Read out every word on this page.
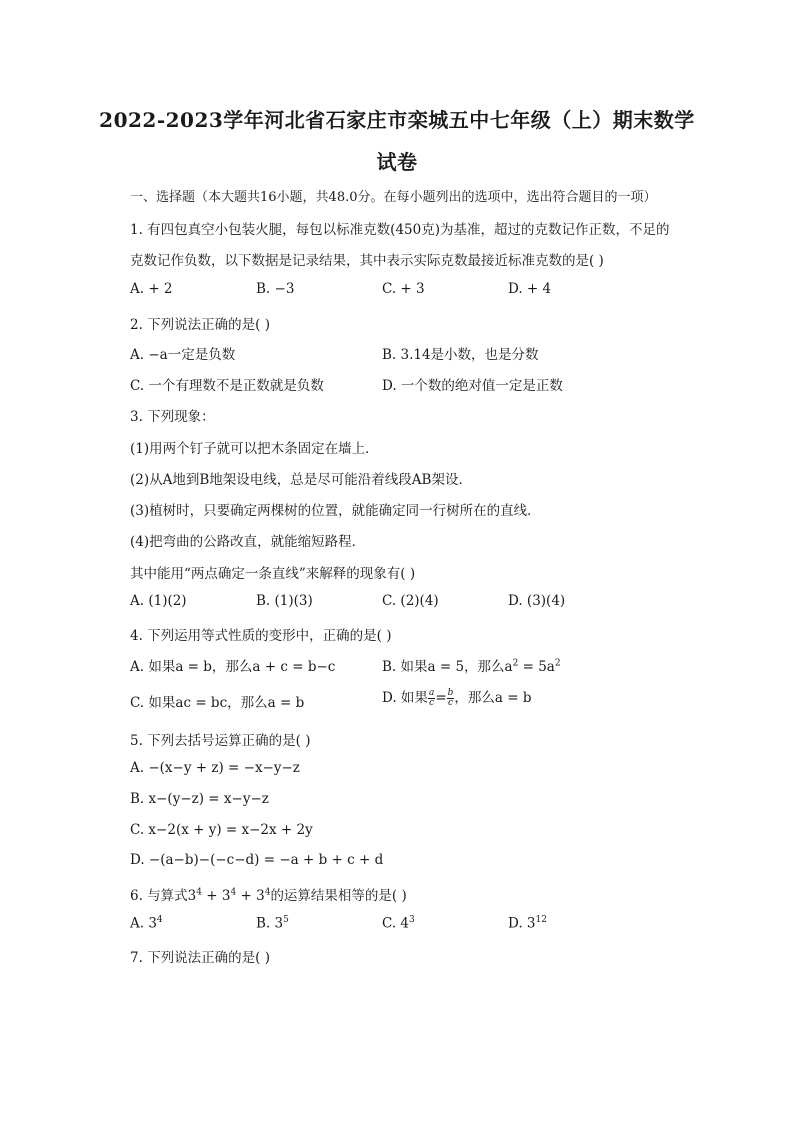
2022-2023学年河北省石家庄市栾城五中七年级（上）期末数学
试卷
一、选择题（本大题共16小题，共48.0分。在每小题列出的选项中，选出符合题目的一项）
1. 有四包真空小包装火腿，每包以标准克数(450克)为基准，超过的克数记作正数，不足的
克数记作负数，以下数据是记录结果，其中表示实际克数最接近标准克数的是( )
A. + 2	B. −3	C. + 3	D. + 4
2. 下列说法正确的是( )
A. −a一定是负数	B. 3.14是小数，也是分数
C. 一个有理数不是正数就是负数	D. 一个数的绝对值一定是正数
3. 下列现象：
(1)用两个钉子就可以把木条固定在墙上．
(2)从A地到B地架设电线，总是尽可能沿着线段AB架设．
(3)植树时，只要确定两棵树的位置，就能确定同一行树所在的直线．
(4)把弯曲的公路改直，就能缩短路程．
其中能用“两点确定一条直线”来解释的现象有( )
A. (1)(2)	B. (1)(3)	C. (2)(4)	D. (3)(4)
4. 下列运用等式性质的变形中，正确的是( )
A. 如果a = b，那么a + c = b−c	B. 如果a = 5，那么$a^2 = 5a^2$
C. 如果ac = bc，那么a = b	D. 如果 $\frac{a}{c} = \frac{b}{c}$ ，那么a = b
5. 下列去括号运算正确的是( )
A. −(x−y + z) = −x−y−z
B. x−(y−z) = x−y−z
C. x−2(x + y) = x−2x + 2y
D. −(a−b)−(−c−d) = −a + b + c + d
6. 与算式$3^4 + 3^4 + 3^4$的运算结果相等的是( )
A. $3^4$	B. $3^5$	C. $4^3$	D. $3^{12}$
7. 下列说法正确的是( )
